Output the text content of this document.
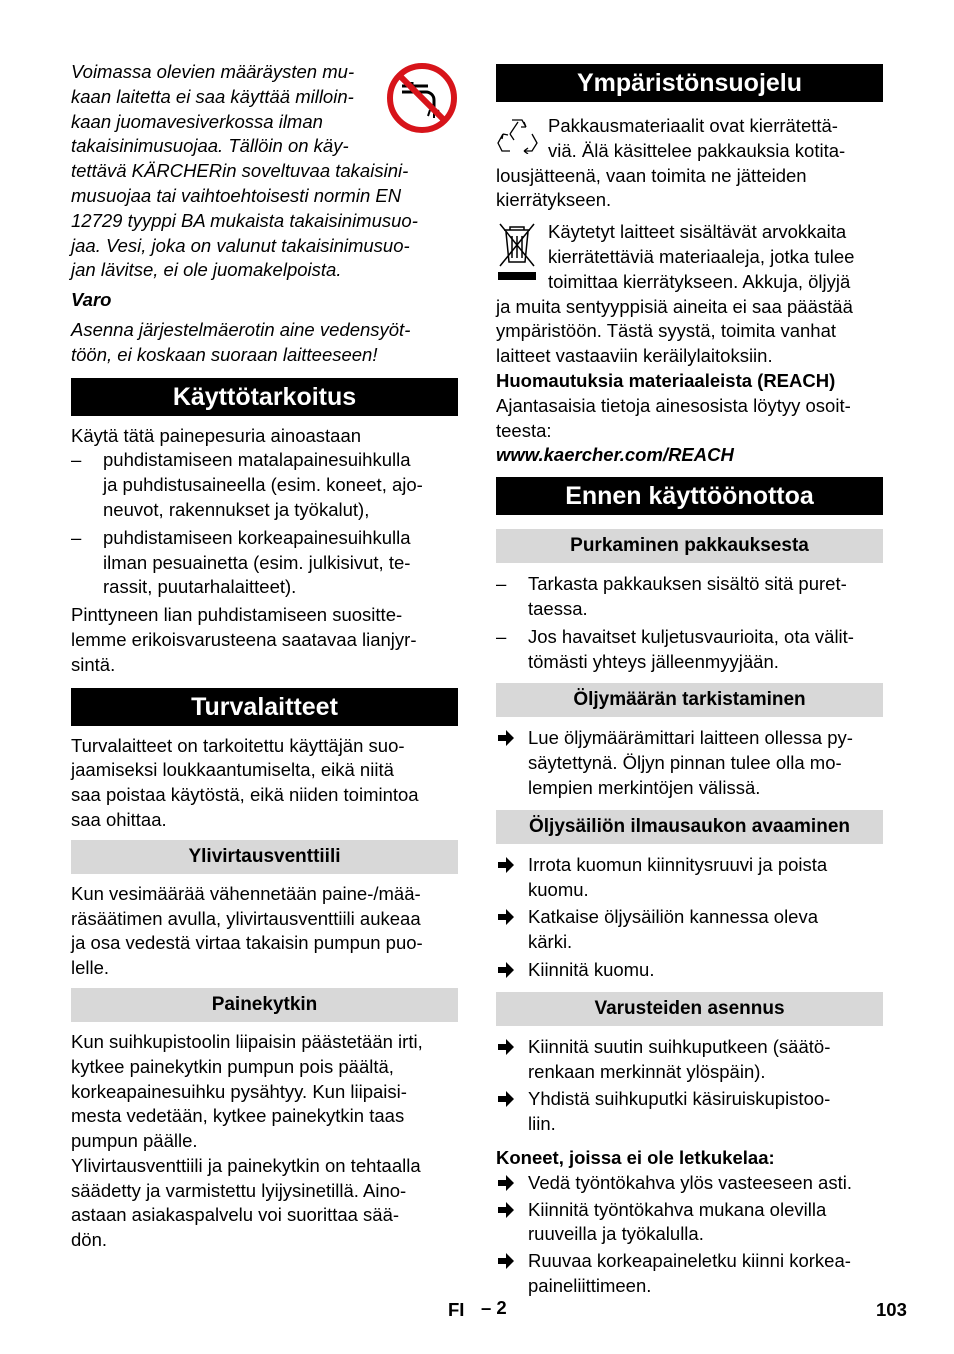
Voimassa olevien määräysten mu-
kaan laitetta ei saa käyttää milloin-
kaan juomavesiverkossa ilman
takaisinimusuojaa. Tällöin on käy-
tettävä KÄRCHERin soveltuvaa takaisini-
musuojaa tai vaihtoehtoisesti normin EN
12729 tyyppi BA mukaista takaisinimusuo-
jaa. Vesi, joka on valunut takaisinimusuo-
jan lävitse, ei ole juomakelpoista.

Varo

Asenna järjestelmäerotin aine vedensyöt-
töön, ei koskaan suoraan laitteeseen!

Käyttötarkoitus

Käytä tätä painepesuria ainoastaan

– puhdistamiseen matalapainesuihkulla
ja puhdistusaineella (esim. koneet, ajo-
neuvot, rakennukset ja työkalut),
– puhdistamiseen korkeapainesuihkulla
ilman pesuainetta (esim. julkisivut, te-
rassit, puutarhalaitteet).

Pinttyneen lian puhdistamiseen suositte-
lemme erikoisvarusteena saatavaa lianjyr-
sintä.

Turvalaitteet

Turvalaitteet on tarkoitettu käyttäjän suo-
jaamiseksi loukkaantumiselta, eikä niitä
saa poistaa käytöstä, eikä niiden toimintoa
saa ohittaa.

Ylivirtausventtiili

Kun vesimäärää vähennetään paine-/mää-
räsäätimen avulla, ylivirtausventtiili aukeaa
ja osa vedestä virtaa takaisin pumpun puo-
lelle.

Painekytkin

Kun suihkupistoolin liipaisin päästetään irti,
kytkee painekytkin pumpun pois päältä,
korkeapainesuihku pysähtyy. Kun liipaisi-
mesta vedetään, kytkee painekytkin taas
pumpun päälle.

Ylivirtausventtiili ja painekytkin on tehtaalla
säädetty ja varmistettu lyijysinetillä. Aino-
astaan asiakaspalvelu voi suorittaa sää-
dön.

Ympäristönsuojelu
Pakkausmateriaalit ovat kierrätettä-
viä. Älä käsittelee pakkauksia kotita-
lousjätteenä, vaan toimita ne jätteiden
kierrätykseen.
Käytetyt laitteet sisältävät arvokkaita
kierrätettäviä materiaaleja, jotka tulee
toimittaa kierrätykseen. Akkuja, öljyjä
ja muita sentyyppisiä aineita ei saa päästää
ympäristöön. Tästä syystä, toimita vanhat
laitteet vastaaviin keräilylaitoksiin.

Huomautuksia materiaaleista (REACH)

Ajantasaisia tietoja ainesosista löytyy osoit-
teesta:

www.kaercher.com/REACH

Ennen käyttöönottoa
Purkaminen pakkauksesta
– Tarkasta pakkauksen sisältö sitä puret-
taessa.
– Jos havaitset kuljetusvaurioita, ota välit-
tömästi yhteys jälleenmyyjään.
Öljymäärän tarkistaminen
Lue öljymäärämittari laitteen ollessa py-
säytettynä. Öljyn pinnan tulee olla mo-
lempien merkintöjen välissä.
Öljysäiliön ilmausaukon avaaminen
Irrota kuomun kiinnitysruuvi ja poista
kuomu.
Katkaise öljysäiliön kannessa oleva
kärki.
Kiinnitä kuomu.
Varusteiden asennus
Kiinnitä suutin suihkuputkeen (säätö-
renkaan merkinnät ylöspäin).
Yhdistä suihkuputki käsiruiskupistoo-
liin.

Koneet, joissa ei ole letkukelaa:

Vedä työntökahva ylös vasteeseen asti.
Kiinnitä työntökahva mukana olevilla
ruuveilla ja työkalulla.
Ruuvaa korkeapaineletku kiinni korkea-
paineliittimeen.
FI – 2	103
